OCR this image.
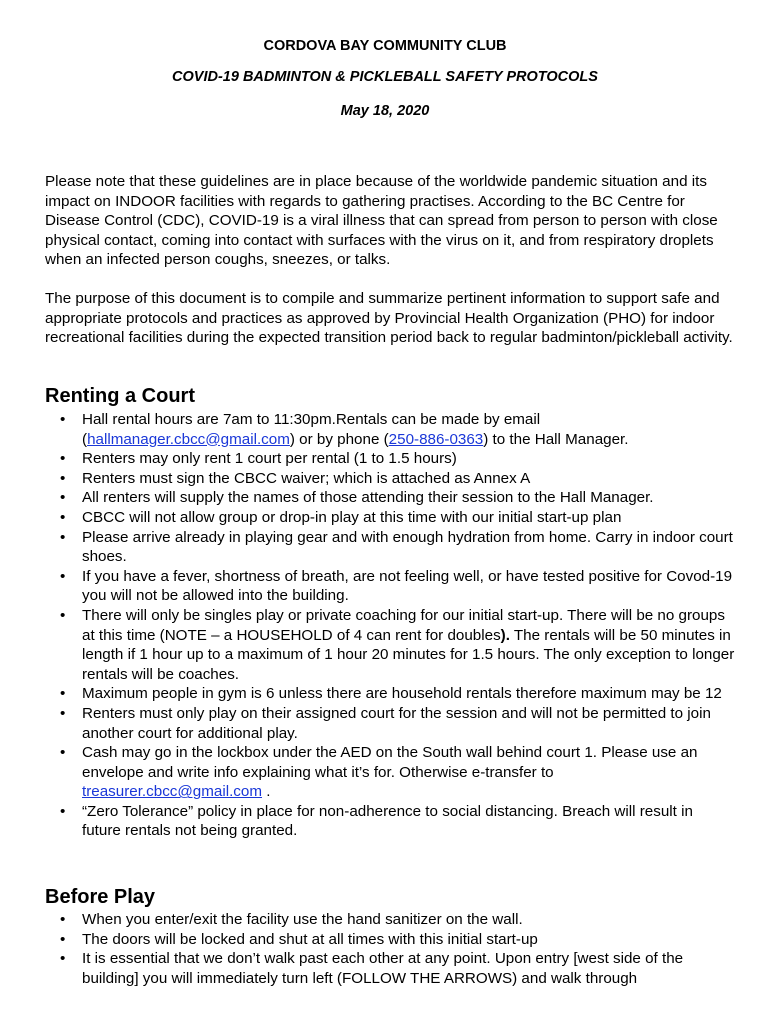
CORDOVA BAY COMMUNITY CLUB
COVID-19 BADMINTON & PICKLEBALL SAFETY PROTOCOLS
May 18, 2020
Please note that these guidelines are in place because of the worldwide pandemic situation and its impact on INDOOR facilities with regards to gathering practises. According to the BC Centre for Disease Control (CDC), COVID-19 is a viral illness that can spread from person to person with close physical contact, coming into contact with surfaces with the virus on it, and from respiratory droplets when an infected person coughs, sneezes, or talks.
The purpose of this document is to compile and summarize pertinent information to support safe and appropriate protocols and practices as approved by Provincial Health Organization (PHO) for indoor recreational facilities during the expected transition period back to regular badminton/pickleball activity.
Renting a Court
• Hall rental hours are 7am to 11:30pm.Rentals can be made by email (hallmanager.cbcc@gmail.com) or by phone (250-886-0363) to the Hall Manager.
• Renters may only rent 1 court per rental (1 to 1.5 hours)
• Renters must sign the CBCC waiver; which is attached as Annex A
• All renters will supply the names of those attending their session to the Hall Manager.
• CBCC will not allow group or drop-in play at this time with our initial start-up plan
• Please arrive already in playing gear and with enough hydration from home. Carry in indoor court shoes.
• If you have a fever, shortness of breath, are not feeling well, or have tested positive for Covod-19 you will not be allowed into the building.
• There will only be singles play or private coaching for our initial start-up. There will be no groups at this time (NOTE – a HOUSEHOLD of 4 can rent for doubles). The rentals will be 50 minutes in length if 1 hour up to a maximum of 1 hour 20 minutes for 1.5 hours. The only exception to longer rentals will be coaches.
• Maximum people in gym is 6 unless there are household rentals therefore maximum may be 12
• Renters must only play on their assigned court for the session and will not be permitted to join another court for additional play.
• Cash may go in the lockbox under the AED on the South wall behind court 1. Please use an envelope and write info explaining what it’s for. Otherwise e-transfer to treasurer.cbcc@gmail.com .
• “Zero Tolerance” policy in place for non-adherence to social distancing. Breach will result in future rentals not being granted.
Before Play
• When you enter/exit the facility use the hand sanitizer on the wall.
• The doors will be locked and shut at all times with this initial start-up
• It is essential that we don’t walk past each other at any point. Upon entry [west side of the building] you will immediately turn left (FOLLOW THE ARROWS) and walk through
